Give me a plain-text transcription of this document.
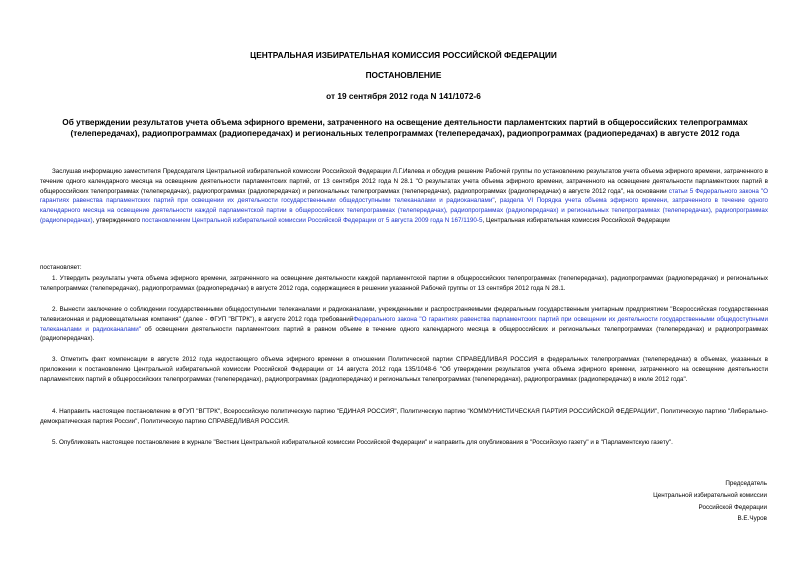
ЦЕНТРАЛЬНАЯ ИЗБИРАТЕЛЬНАЯ КОМИССИЯ РОССИЙСКОЙ ФЕДЕРАЦИИ
ПОСТАНОВЛЕНИЕ
от 19 сентября 2012 года N 141/1072-6
Об утверждении результатов учета объема эфирного времени, затраченного на освещение деятельности парламентских партий в общероссийских телепрограммах (телепередачах), радиопрограммах (радиопередачах) и региональных телепрограммах (телепередачах), радиопрограммах (радиопередачах) в августе 2012 года
Заслушав информацию заместителя Председателя Центральной избирательной комиссии Российской Федерации Л.Г.Ивлева и обсудив решение Рабочей группы по установлению результатов учета объема эфирного времени, затраченного в течение одного календарного месяца на освещение деятельности парламентских партий, от 13 сентября 2012 года N 28.1 "О результатах учета объема эфирного времени, затраченного на освещение деятельности парламентских партий в общероссийских телепрограммах (телепередачах), радиопрограммах (радиопередачах) и региональных телепрограммах (телепередачах), радиопрограммах (радиопередачах) в августе 2012 года", на основании статьи 5 Федерального закона "О гарантиях равенства парламентских партий при освещении их деятельности государственными общедоступными телеканалами и радиоканалами", раздела VI Порядка учета объема эфирного времени, затраченного в течение одного календарного месяца на освещение деятельности каждой парламентской партии в общероссийских телепрограммах (телепередачах), радиопрограммах (радиопередачах) и региональных телепрограммах (телепередачах), радиопрограммах (радиопередачах), утвержденного постановлением Центральной избирательной комиссии Российской Федерации от 5 августа 2009 года N 167/1190-5, Центральная избирательная комиссия Российской Федерации
постановляет:
1. Утвердить результаты учета объема эфирного времени, затраченного на освещение деятельности каждой парламентской партии в общероссийских телепрограммах (телепередачах), радиопрограммах (радиопередачах) и региональных телепрограммах (телепередачах), радиопрограммах (радиопередачах) в августе 2012 года, содержащиеся в решении указанной Рабочей группы от 13 сентября 2012 года N 28.1.
2. Вынести заключение о соблюдении государственными общедоступными телеканалами и радиоканалами, учрежденными и распространяемыми федеральным государственным унитарным предприятием "Всероссийская государственная телевизионная и радиовещательная компания" (далее - ФГУП "ВГТРК"), в августе 2012 года требованийФедерального закона "О гарантиях равенства парламентских партий при освещении их деятельности государственными общедоступными телеканалами и радиоканалами" об освещении деятельности парламентских партий в равном объеме в течение одного календарного месяца в общероссийских и региональных телепрограммах (телепередачах) и радиопрограммах (радиопередачах).
3. Отметить факт компенсации в августе 2012 года недостающего объема эфирного времени в отношении Политической партии СПРАВЕДЛИВАЯ РОССИЯ в федеральных телепрограммах (телепередачах) в объемах, указанных в приложении к постановлению Центральной избирательной комиссии Российской Федерации от 14 августа 2012 года 135/1048-6 "Об утверждении результатов учета объема эфирного времени, затраченного на освещение деятельности парламентских партий в общероссийских телепрограммах (телепередачах), радиопрограммах (радиопередачах) и региональных телепрограммах (телепередачах), радиопрограммах (радиопередачах) в июле 2012 года".
4. Направить настоящее постановление в ФГУП "ВГТРК", Всероссийскую политическую партию "ЕДИНАЯ РОССИЯ", Политическую партию "КОММУНИСТИЧЕСКАЯ ПАРТИЯ РОССИЙСКОЙ ФЕДЕРАЦИИ", Политическую партию "Либерально-демократическая партия России", Политическую партию СПРАВЕДЛИВАЯ РОССИЯ.
5. Опубликовать настоящее постановление в журнале "Вестник Центральной избирательной комиссии Российской Федерации" и направить для опубликования в "Российскую газету" и в "Парламентскую газету".
Председатель
Центральной избирательной комиссии
Российской Федерации
В.Е.Чуров
